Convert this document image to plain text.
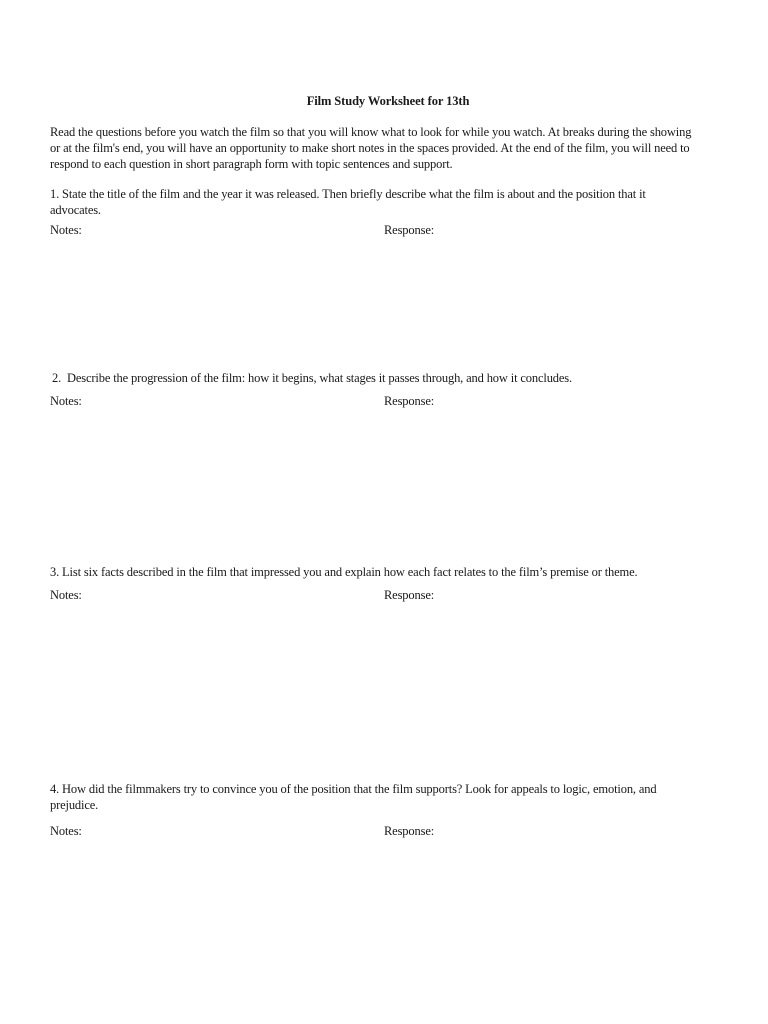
Film Study Worksheet for 13th
Read the questions before you watch the film so that you will know what to look for while you watch. At breaks during the showing
or at the film's end, you will have an opportunity to make short notes in the spaces provided. At the end of the film, you will need to
respond to each question in short paragraph form with topic sentences and support.
1. State the title of the film and the year it was released. Then briefly describe what the film is about and the position that it
advocates.
Notes:	Response:
2.  Describe the progression of the film: how it begins, what stages it passes through, and how it concludes.
Notes:	Response:
3. List six facts described in the film that impressed you and explain how each fact relates to the film’s premise or theme.
Notes:	Response:
4. How did the filmmakers try to convince you of the position that the film supports? Look for appeals to logic, emotion, and
prejudice.
Notes:	Response:
